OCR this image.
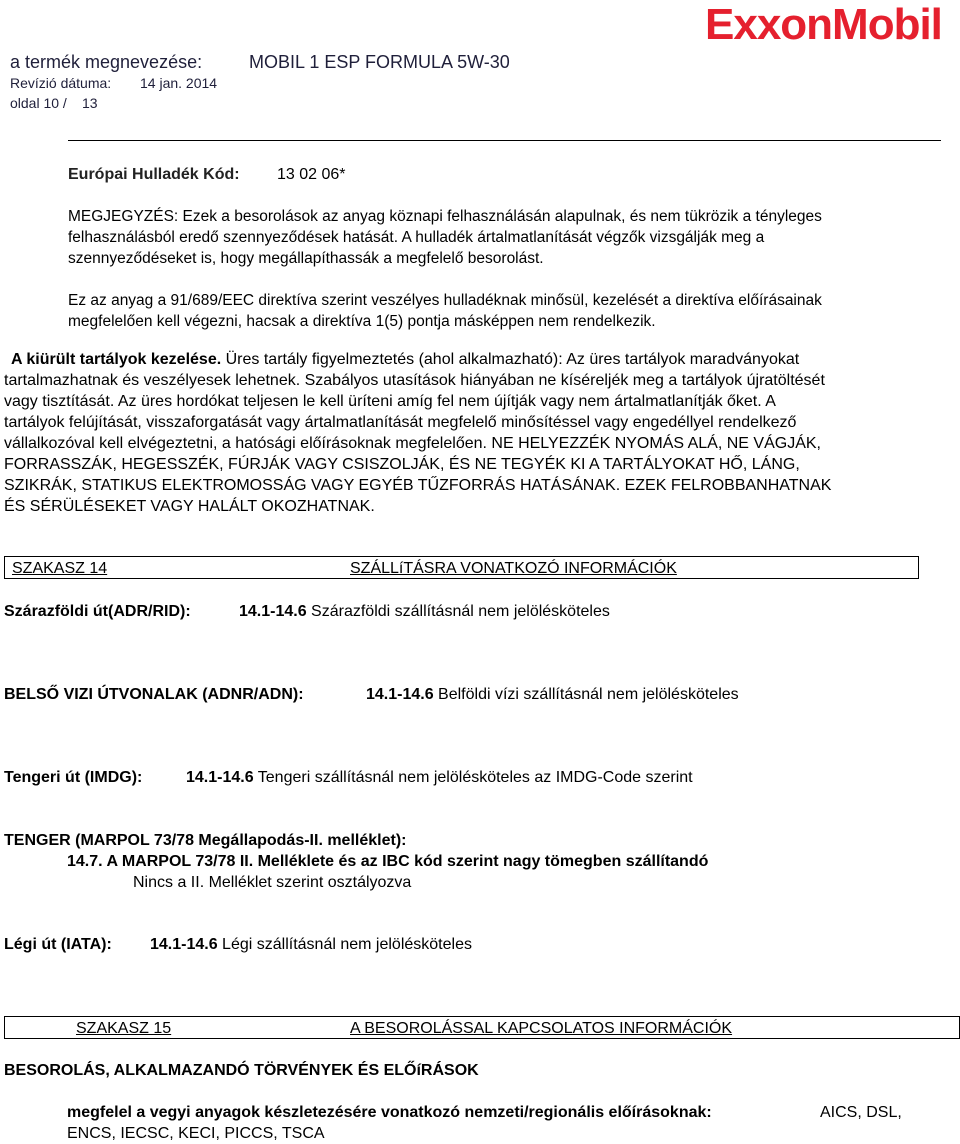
a termék megnevezése:	MOBIL 1 ESP FORMULA 5W-30
Revízió dátuma: 14 jan. 2014
oldal 10 / 13
ExxonMobil
Európai Hulladék Kód: 13 02 06*
MEGJEGYZÉS: Ezek a besorolások az anyag köznapi felhasználásán alapulnak, és nem tükrözik a tényleges
felhasználásból eredő szennyeződések hatását. A hulladék ártalmatlanítását végzők vizsgálják meg a
szennyeződéseket is, hogy megállapíthassák a megfelelő besorolást.
Ez az anyag a 91/689/EEC direktíva szerint veszélyes hulladéknak minősül, kezelését a direktíva előírásainak
megfelelően kell végezni, hacsak a direktíva 1(5) pontja másképpen nem rendelkezik.
A kiürült tartályok kezelése. Üres tartály figyelmeztetés (ahol alkalmazható): Az üres tartályok maradványokat
tartalmazhatnak és veszélyesek lehetnek. Szabályos utasítások hiányában ne kíséreljék meg a tartályok újratöltését
vagy tisztítását. Az üres hordókat teljesen le kell üríteni amíg fel nem újítják vagy nem ártalmatlanítják őket. A
tartályok felújítását, visszaforgatását vagy ártalmatlanítását megfelelő minősítéssel vagy engedéllyel rendelkező
vállalkozóval kell elvégeztetni, a hatósági előírásoknak megfelelően. NE HELYEZZÉK NYOMÁS ALÁ, NE VÁGJÁK,
FORRASSZÁK, HEGESSZÉK, FÚRJÁK VAGY CSISZOLJÁK, ÉS NE TEGYÉK KI A TARTÁLYOKAT HŐ, LÁNG,
SZIKRÁK, STATIKUS ELEKTROMOSSÁG VAGY EGYÉB TŰZFORRÁS HATÁSÁNAK. EZEK FELROBBANHATNAK
ÉS SÉRÜLÉSEKET VAGY HALÁLT OKOZHATNAK.
SZAKASZ 14	SZÁLLíTÁSRA VONATKOZÓ INFORMÁCIÓK
Szárazföldi út(ADR/RID):	14.1-14.6 Szárazföldi szállításnál nem jelölésköteles
BELSŐ VIZI ÚTVONALAK (ADNR/ADN):	14.1-14.6 Belföldi vízi szállításnál nem jelölésköteles
Tengeri út (IMDG):	14.1-14.6 Tengeri szállításnál nem jelölésköteles az IMDG-Code szerint
TENGER (MARPOL 73/78 Megállapodás-II. melléklet):
14.7. A MARPOL 73/78 II. Melléklete és az IBC kód szerint nagy tömegben szállítandó
Nincs a II. Melléklet szerint osztályozva
Légi út (IATA): 14.1-14.6 Légi szállításnál nem jelölésköteles
SZAKASZ 15	A BESOROLÁSSAL KAPCSOLATOS INFORMÁCIÓK
BESOROLÁS, ALKALMAZANDÓ TÖRVÉNYEK ÉS ELŐíRÁSOK
megfelel a vegyi anyagok készletezésére vonatkozó nemzeti/regionális előírásoknak:	AICS, DSL,
ENCS, IECSC, KECI, PICCS, TSCA
